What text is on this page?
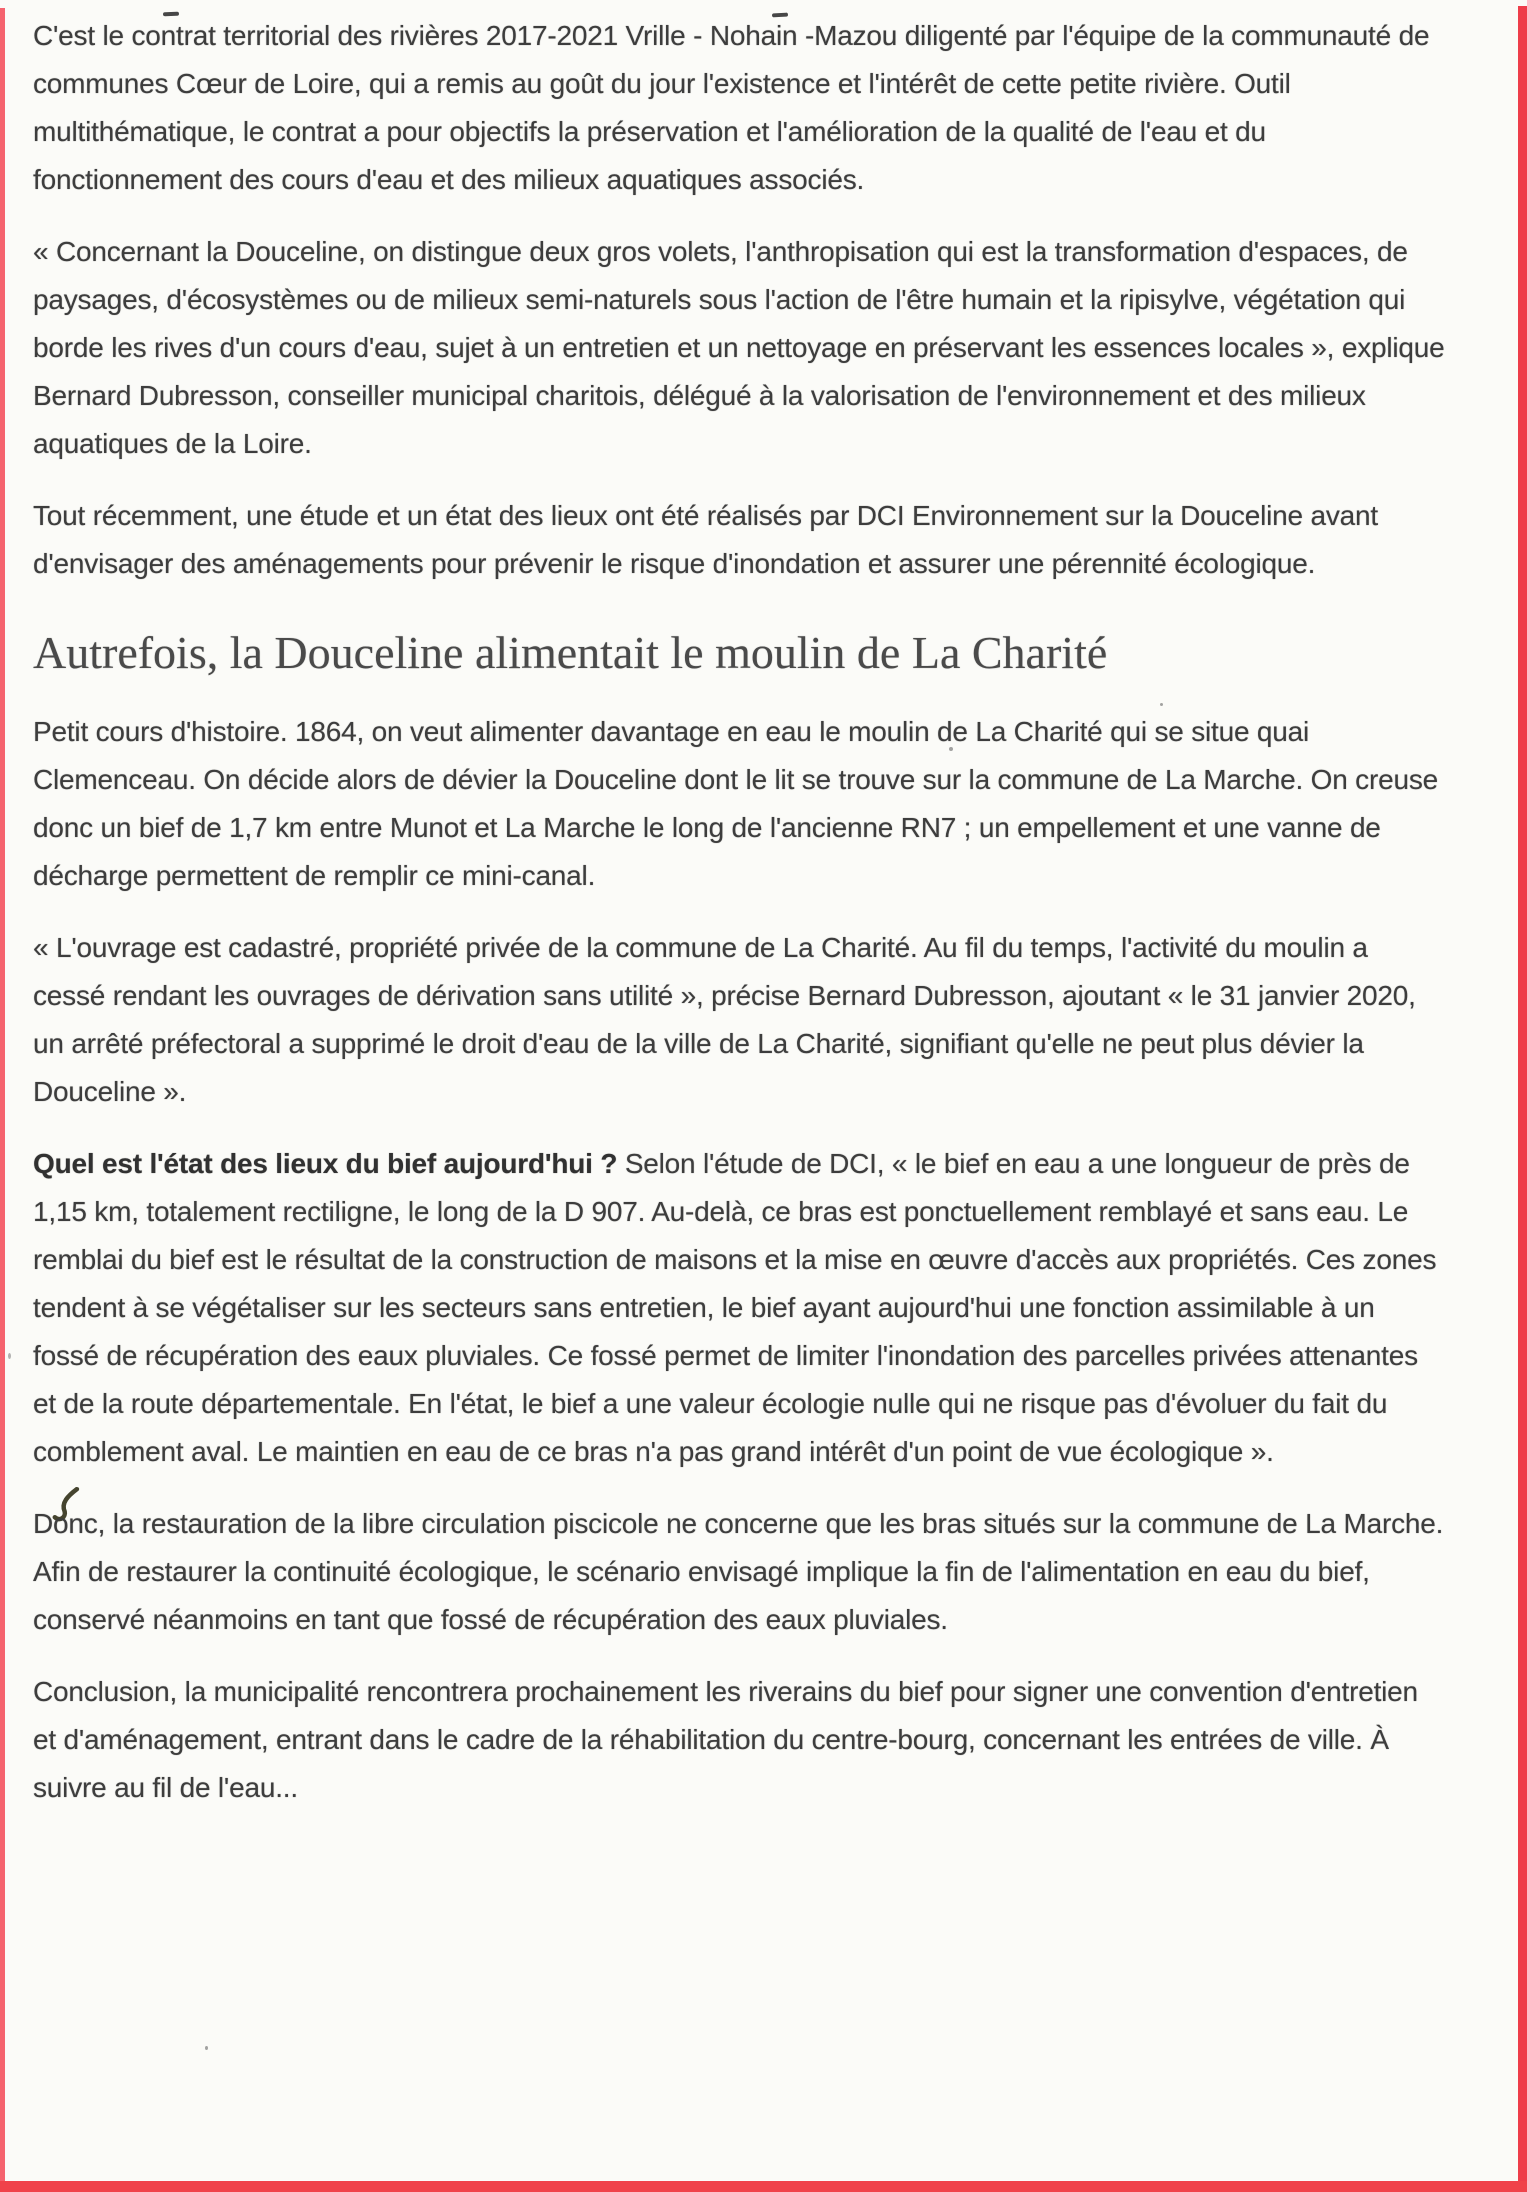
C'est le contrat territorial des rivières 2017-2021 Vrille - Nohain -Mazou diligenté par l'équipe de la communauté de communes Cœur de Loire, qui a remis au goût du jour l'existence et l'intérêt de cette petite rivière. Outil multithématique, le contrat a pour objectifs la préservation et l'amélioration de la qualité de l'eau et du fonctionnement des cours d'eau et des milieux aquatiques associés.

« Concernant la Douceline, on distingue deux gros volets, l'anthropisation qui est la transformation d'espaces, de paysages, d'écosystèmes ou de milieux semi-naturels sous l'action de l'être humain et la ripisylve, végétation qui borde les rives d'un cours d'eau, sujet à un entretien et un nettoyage en préservant les essences locales », explique Bernard Dubresson, conseiller municipal charitois, délégué à la valorisation de l'environnement et des milieux aquatiques de la Loire.

Tout récemment, une étude et un état des lieux ont été réalisés par DCI Environnement sur la Douceline avant d'envisager des aménagements pour prévenir le risque d'inondation et assurer une pérennité écologique.

Autrefois, la Douceline alimentait le moulin de La Charité

Petit cours d'histoire. 1864, on veut alimenter davantage en eau le moulin de La Charité qui se situe quai Clemenceau. On décide alors de dévier la Douceline dont le lit se trouve sur la commune de La Marche. On creuse donc un bief de 1,7 km entre Munot et La Marche le long de l'ancienne RN7 ; un empellement et une vanne de décharge permettent de remplir ce mini-canal.

« L'ouvrage est cadastré, propriété privée de la commune de La Charité. Au fil du temps, l'activité du moulin a cessé rendant les ouvrages de dérivation sans utilité », précise Bernard Dubresson, ajoutant « le 31 janvier 2020, un arrêté préfectoral a supprimé le droit d'eau de la ville de La Charité, signifiant qu'elle ne peut plus dévier la Douceline ».

Quel est l'état des lieux du bief aujourd'hui ? Selon l'étude de DCI, « le bief en eau a une longueur de près de 1,15 km, totalement rectiligne, le long de la D 907. Au-delà, ce bras est ponctuellement remblayé et sans eau. Le remblai du bief est le résultat de la construction de maisons et la mise en œuvre d'accès aux propriétés. Ces zones tendent à se végétaliser sur les secteurs sans entretien, le bief ayant aujourd'hui une fonction assimilable à un fossé de récupération des eaux pluviales. Ce fossé permet de limiter l'inondation des parcelles privées attenantes et de la route départementale. En l'état, le bief a une valeur écologie nulle qui ne risque pas d'évoluer du fait du comblement aval. Le maintien en eau de ce bras n'a pas grand intérêt d'un point de vue écologique ».

Donc, la restauration de la libre circulation piscicole ne concerne que les bras situés sur la commune de La Marche. Afin de restaurer la continuité écologique, le scénario envisagé implique la fin de l'alimentation en eau du bief, conservé néanmoins en tant que fossé de récupération des eaux pluviales.

Conclusion, la municipalité rencontrera prochainement les riverains du bief pour signer une convention d'entretien et d'aménagement, entrant dans le cadre de la réhabilitation du centre-bourg, concernant les entrées de ville. À suivre au fil de l'eau...
